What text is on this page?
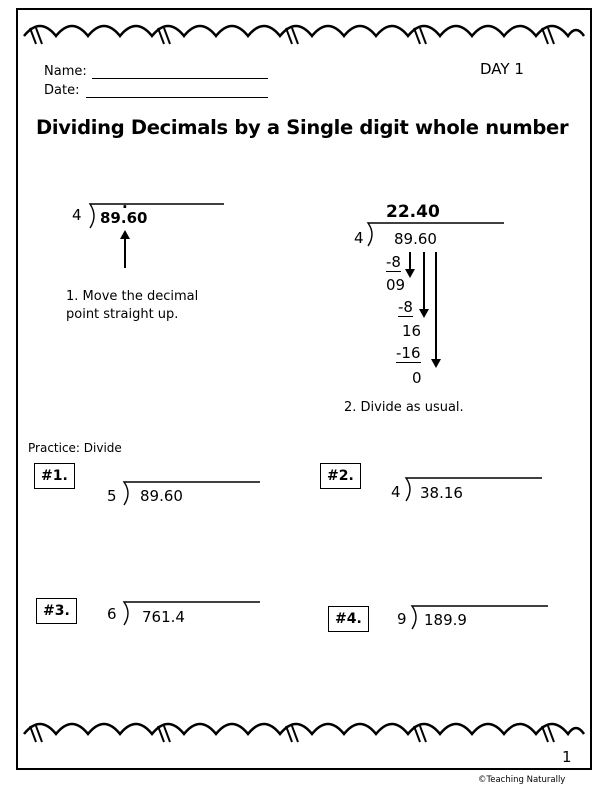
Name:
Date:
DAY 1
Dividing Decimals by a Single digit whole number
4
.
89.60
1. Move the decimal point straight up.
22.40
4 89.60
-8
09
-8
16
-16
0
2. Divide as usual.
Practice: Divide
#1.
5 89.60
#2.
4 38.16
#3.	6 761.4	#4.	9 189.9
1
©Teaching Naturally
